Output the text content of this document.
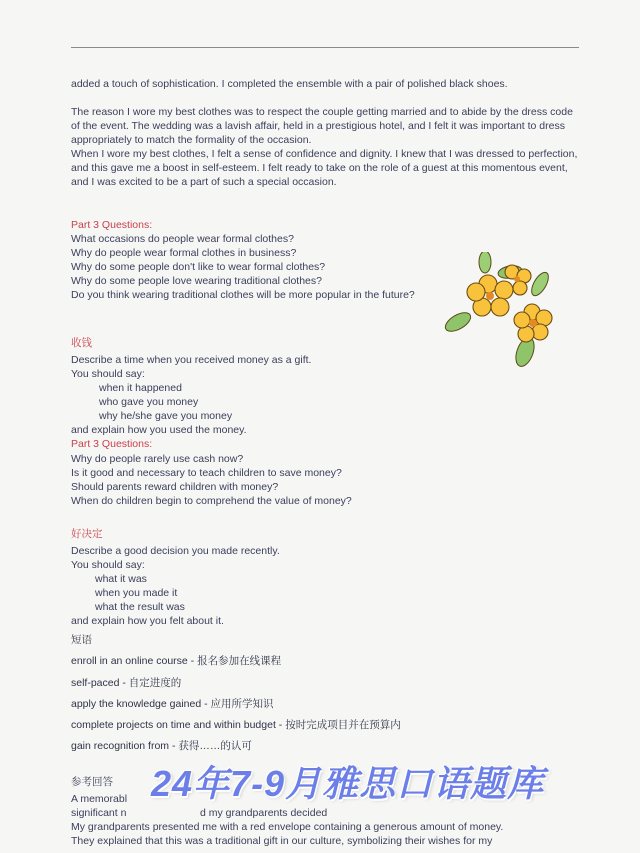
added a touch of sophistication. I completed the ensemble with a pair of polished black shoes.
The reason I wore my best clothes was to respect the couple getting married and to abide by the dress code of the event. The wedding was a lavish affair, held in a prestigious hotel, and I felt it was important to dress appropriately to match the formality of the occasion.
When I wore my best clothes, I felt a sense of confidence and dignity. I knew that I was dressed to perfection, and this gave me a boost in self-esteem. I felt ready to take on the role of a guest at this momentous event, and I was excited to be a part of such a special occasion.
Part 3 Questions:
What occasions do people wear formal clothes?
Why do people wear formal clothes in business?
Why do some people don't like to wear formal clothes?
Why do some people love wearing traditional clothes?
Do you think wearing traditional clothes will be more popular in the future?
收钱
Describe a time when you received money as a gift.
You should say:
when it happened
who gave you money
why he/she gave you money
and explain how you used the money.
Part 3 Questions:
Why do people rarely use cash now?
Is it good and necessary to teach children to save money?
Should parents reward children with money?
When do children begin to comprehend the value of money?
好决定
Describe a good decision you made recently.
You should say:
what it was
when you made it
what the result was
and explain how you felt about it.
短语
enroll in an online course - 报名参加在线课程
self-paced - 自定进度的
apply the knowledge gained - 应用所学知识
complete projects on time and within budget - 按时完成项目并在预算内
gain recognition from - 获得……的认可
参考回答
A memorabl
significant n	d my grandparents decided
My grandparents presented me with a red envelope containing a generous amount of money.
They explained that this was a traditional gift in our culture, symbolizing their wishes for my
24年7-9月雅思口语题库
